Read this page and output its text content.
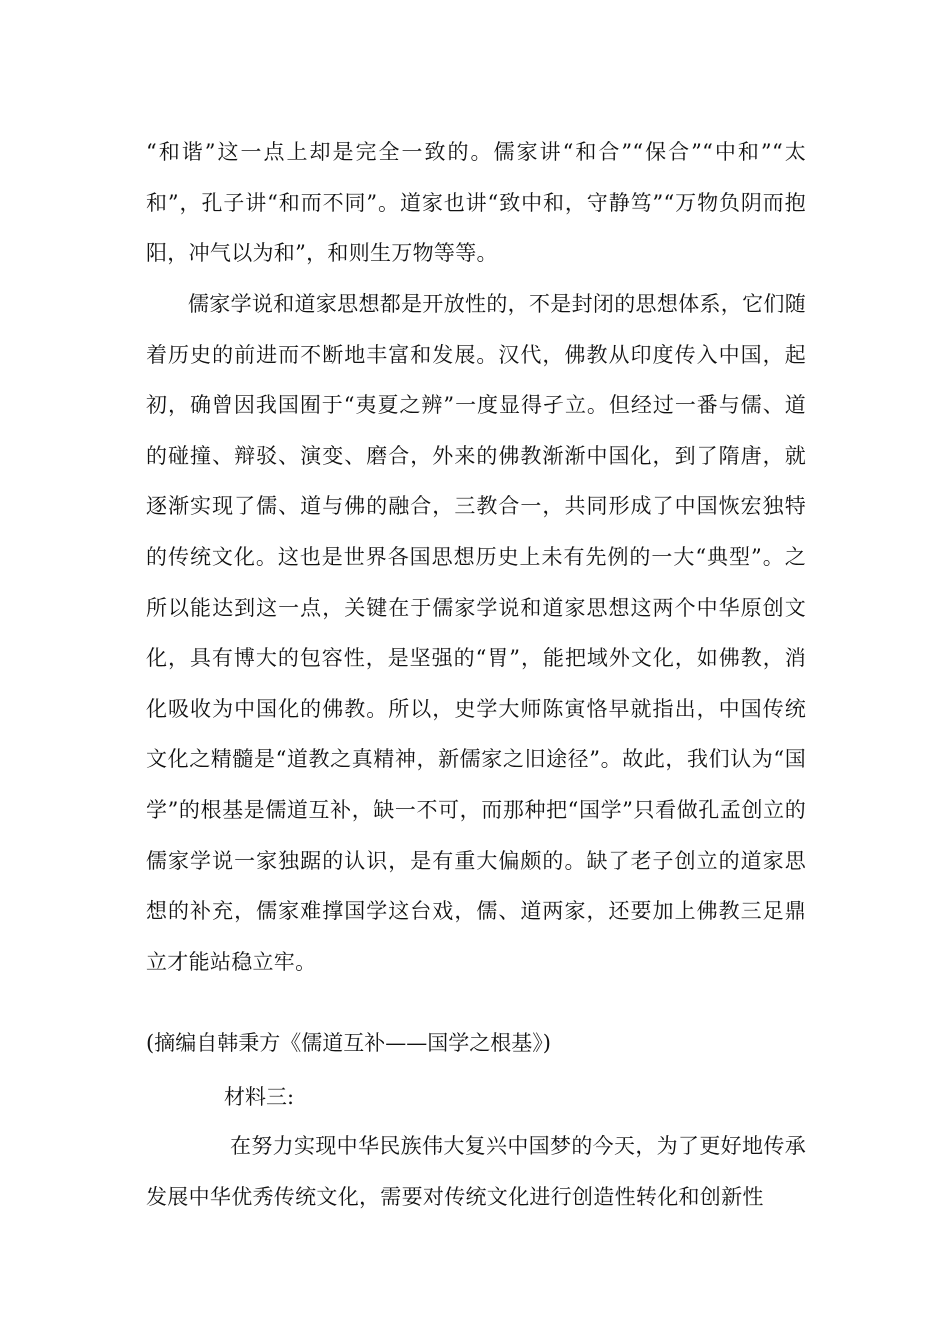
“和谐”这一点上却是完全一致的。儒家讲“和合”“保合”“中和”“太和”，孔子讲“和而不同”。道家也讲“致中和，守静笃”“万物负阴而抱阳，冲气以为和”，和则生万物等等。

儒家学说和道家思想都是开放性的，不是封闭的思想体系，它们随着历史的前进而不断地丰富和发展。汉代，佛教从印度传入中国，起初，确曾因我国囿于“夷夏之辨”一度显得孑立。但经过一番与儒、道的碰撞、辩驳、演变、磨合，外来的佛教渐渐中国化，到了隋唐，就逐渐实现了儒、道与佛的融合，三教合一，共同形成了中国恢宏独特的传统文化。这也是世界各国思想历史上未有先例的一大“典型”。之所以能达到这一点，关键在于儒家学说和道家思想这两个中华原创文化，具有博大的包容性，是坚强的“胃”，能把域外文化，如佛教，消化吸收为中国化的佛教。所以，史学大师陈寅恪早就指出，中国传统文化之精髓是“道教之真精神，新儒家之旧途径”。故此，我们认为“国学”的根基是儒道互补，缺一不可，而那种把“国学”只看做孔孟创立的儒家学说一家独踞的认识，是有重大偏颇的。缺了老子创立的道家思想的补充，儒家难撑国学这台戏，儒、道两家，还要加上佛教三足鼎立才能站稳立牢。

(摘编自韩秉方《儒道互补——国学之根基》)

材料三:

在努力实现中华民族伟大复兴中国梦的今天，为了更好地传承发展中华优秀传统文化，需要对传统文化进行创造性转化和创新性
